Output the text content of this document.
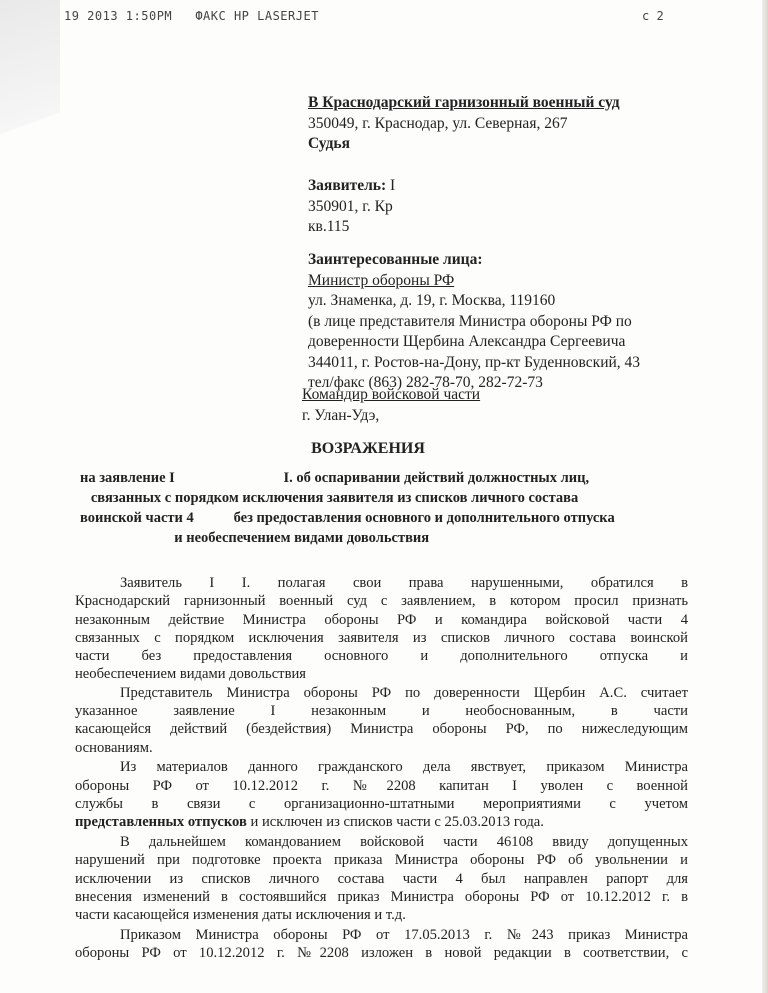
19 2013 1:50PM   ФАКС HP LASERJET	с 2
В Краснодарский гарнизонный военный суд
350049, г. Краснодар, ул. Северная, 267
Судья
Заявитель: I
350901, г. Кр
кв.115
Заинтересованные лица:
Министр обороны РФ
ул. Знаменка, д. 19, г. Москва, 119160
(в лице представителя Министра обороны РФ по
доверенности Щербина Александра Сергеевича
344011, г. Ростов-на-Дону, пр-кт Буденновский, 43
тел/факс (863) 282-78-70, 282-72-73
Командир войсковой части
г. Улан-Удэ,
ВОЗРАЖЕНИЯ
на заявление I                              I. об оспаривании действий должностных лиц,
связанных с порядком исключения заявителя из списков личного состава
воинской части 4           без предоставления основного и дополнительного отпуска
и необеспечением видами довольствия
Заявитель I I. полагая свои права нарушенными, обратился в
Краснодарский гарнизонный военный суд с заявлением, в котором просил признать
незаконным действие Министра обороны РФ и командира войсковой части 4
связанных с порядком исключения заявителя из списков личного состава воинской
части без предоставления основного и дополнительного отпуска и
необеспечением видами довольствия
Представитель Министра обороны РФ по доверенности Щербин А.С. считает
указанное заявление I незаконным и необоснованным, в части
касающейся действий (бездействия) Министра обороны РФ, по нижеследующим
основаниям.
Из материалов данного гражданского дела явствует, приказом Министра
обороны РФ от 10.12.2012 г. №2208 капитан I уволен с военной
службы в связи с организационно-штатными мероприятиями с учетом
представленных отпусков и исключен из списков части с 25.03.2013 года.
В дальнейшем командованием войсковой части 46108 ввиду допущенных
нарушений при подготовке проекта приказа Министра обороны РФ об увольнении и
исключении из списков личного состава части 4 был направлен рапорт для
внесения изменений в состоявшийся приказ Министра обороны РФ от 10.12.2012 г. в
части касающейся изменения даты исключения и т.д.
Приказом Министра обороны РФ от 17.05.2013 г. №243 приказ Министра
обороны РФ от 10.12.2012 г. №2208 изложен в новой редакции в соответствии, с
